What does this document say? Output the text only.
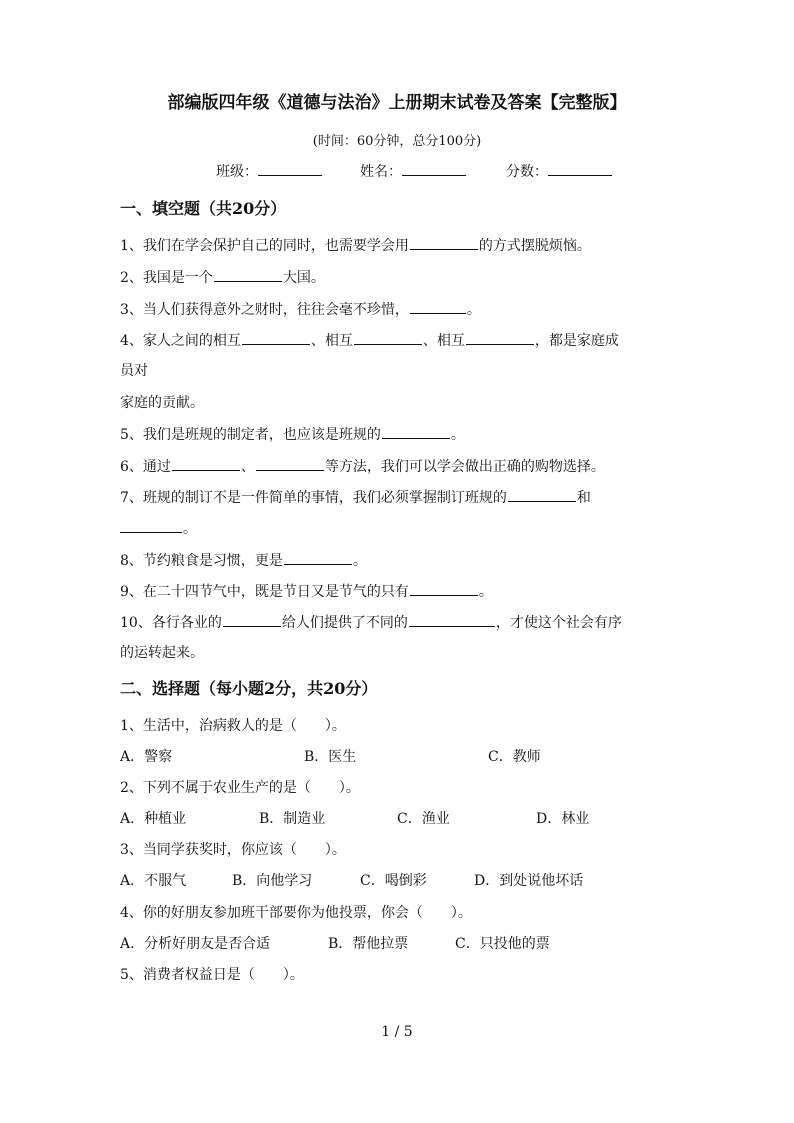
部编版四年级《道德与法治》上册期末试卷及答案【完整版】
(时间：60分钟，总分100分)
班级：	姓名：	分数：
一、填空题（共20分）
1、我们在学会保护自己的同时，也需要学会用	的方式摆脱烦恼。
2、我国是一个	大国。
3、当人们获得意外之财时，往往会毫不珍惜，	。
4、家人之间的相互	、相互	、相互	，都是家庭成
员对
家庭的贡献。
5、我们是班规的制定者，也应该是班规的	。
6、通过	、	等方法，我们可以学会做出正确的购物选择。
7、班规的制订不是一件简单的事情，我们必须掌握制订班规的	和
。
8、节约粮食是习惯，更是	。
9、在二十四节气中，既是节日又是节气的只有	。
10、各行各业的	给人们提供了不同的	，才使这个社会有序
的运转起来。
二、选择题（每小题2分，共20分）
1、生活中，治病救人的是（　　）。
A．警察	B．医生	C．教师
2、下列不属于农业生产的是（　　）。
A．种植业	B．制造业	C．渔业	D．林业
3、当同学获奖时，你应该（　　）。
A．不服气	B．向他学习	C．喝倒彩	D．到处说他坏话
4、你的好朋友参加班干部要你为他投票，你会（　　）。
A．分析好朋友是否合适	B．帮他拉票	C．只投他的票
5、消费者权益日是（　　）。
1 / 5
